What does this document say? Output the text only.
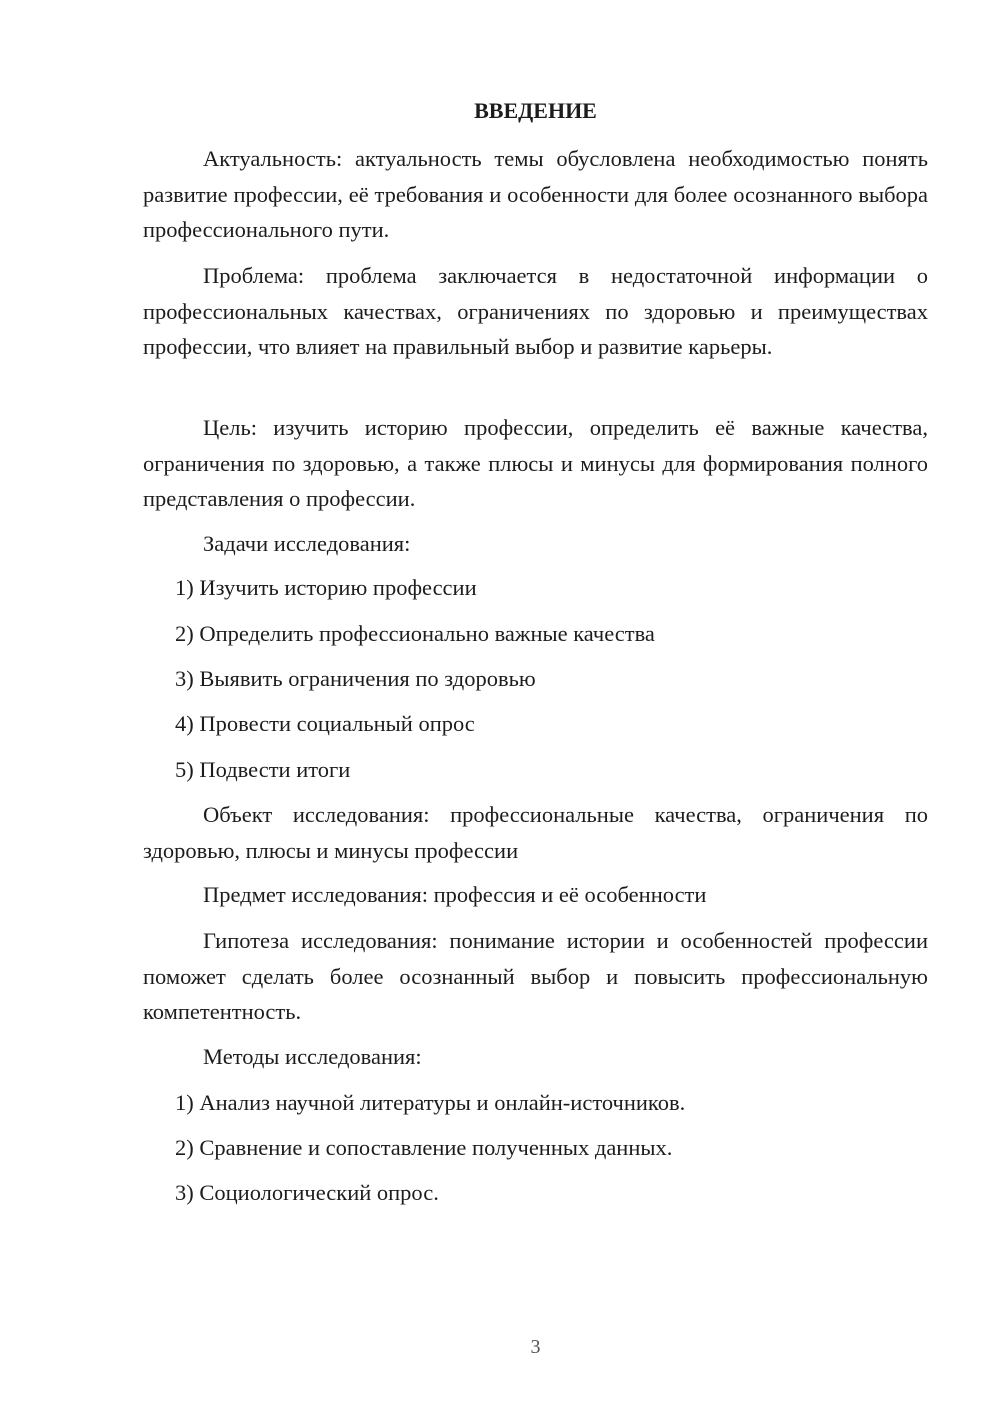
ВВЕДЕНИЕ

Актуальность: актуальность темы обусловлена необходимостью понять развитие профессии, её требования и особенности для более осознанного выбора профессионального пути.

Проблема: проблема заключается в недостаточной информации о профессиональных качествах, ограничениях по здоровью и преимуществах профессии, что влияет на правильный выбор и развитие карьеры.

Цель: изучить историю профессии, определить её важные качества, ограничения по здоровью, а также плюсы и минусы для формирования полного представления о профессии.

Задачи исследования:

1) Изучить историю профессии

2) Определить профессионально важные качества

3) Выявить ограничения по здоровью

4) Провести социальный опрос

5) Подвести итоги

Объект исследования: профессиональные качества, ограничения по здоровью, плюсы и минусы профессии

Предмет исследования: профессия и её особенности

Гипотеза исследования: понимание истории и особенностей профессии поможет сделать более осознанный выбор и повысить профессиональную компетентность.

Методы исследования:

1) Анализ научной литературы и онлайн-источников.

2) Сравнение и сопоставление полученных данных.

3) Социологический опрос.

3
